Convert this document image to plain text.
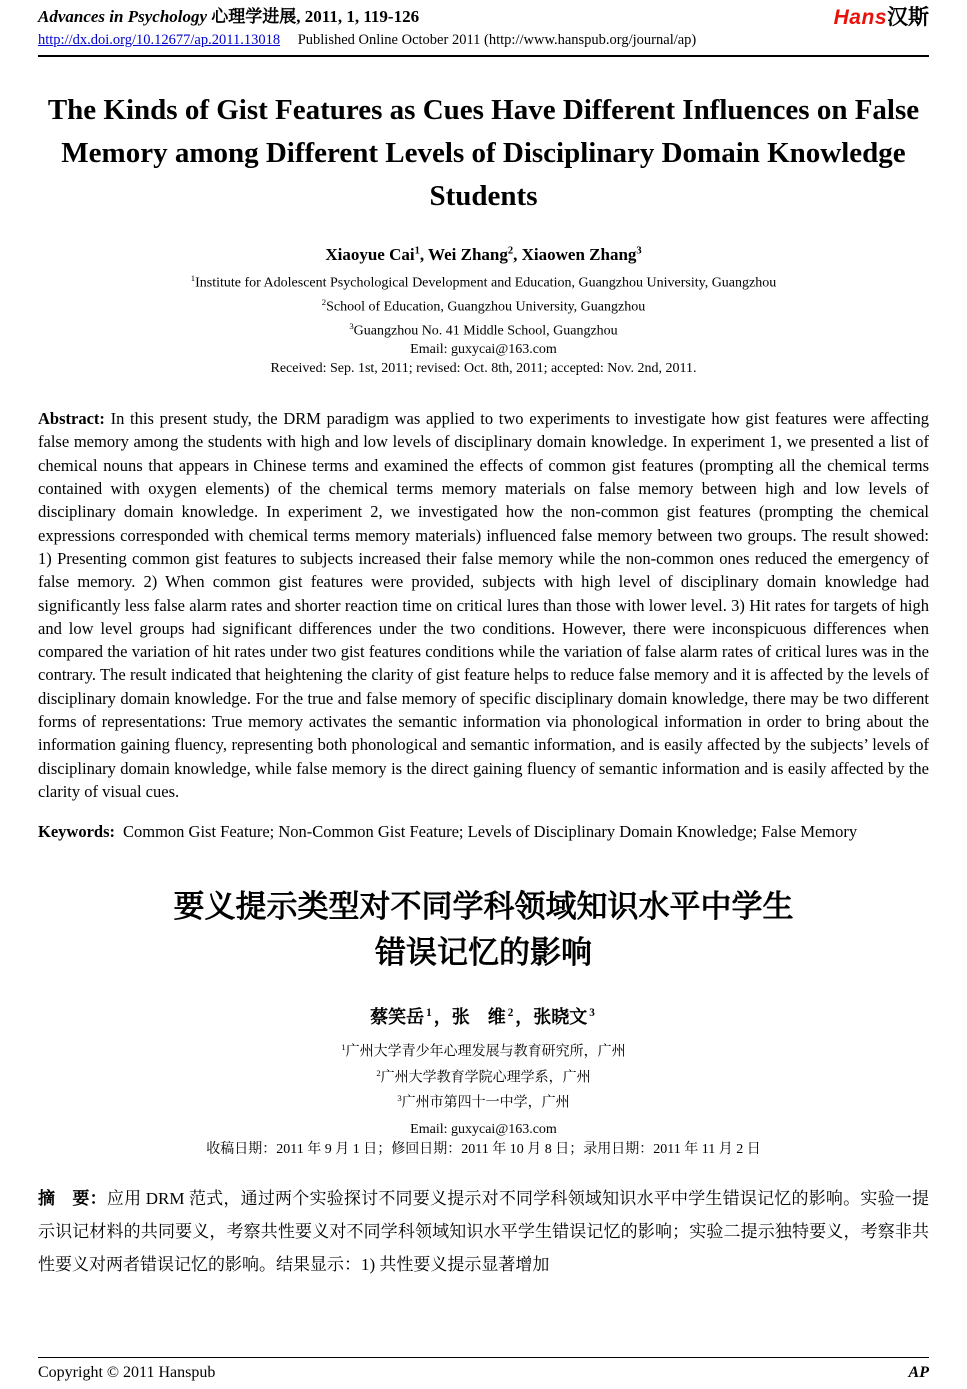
Advances in Psychology 心理学进展, 2011, 1, 119-126
http://dx.doi.org/10.12677/ap.2011.13018 Published Online October 2011 (http://www.hanspub.org/journal/ap)
Hans汉斯
The Kinds of Gist Features as Cues Have Different Influences on False Memory among Different Levels of Disciplinary Domain Knowledge Students
Xiaoyue Cai$^1$, Wei Zhang$^2$, Xiaowen Zhang$^3$
$^1$Institute for Adolescent Psychological Development and Education, Guangzhou University, Guangzhou
$^2$School of Education, Guangzhou University, Guangzhou
$^3$Guangzhou No. 41 Middle School, Guangzhou
Email: guxycai@163.com
Received: Sep. 1st, 2011; revised: Oct. 8th, 2011; accepted: Nov. 2nd, 2011.

Abstract: In this present study, the DRM paradigm was applied to two experiments to investigate how gist features were affecting false memory among the students with high and low levels of disciplinary domain knowledge. In experiment 1, we presented a list of chemical nouns that appears in Chinese terms and examined the effects of common gist features (prompting all the chemical terms contained with oxygen elements) of the chemical terms memory materials on false memory between high and low levels of disciplinary domain knowledge. In experiment 2, we investigated how the non-common gist features (prompting the chemical expressions corresponded with chemical terms memory materials) influenced false memory between two groups. The result showed: 1) Presenting common gist features to subjects increased their false memory while the non-common ones reduced the emergency of false memory. 2) When common gist features were provided, subjects with high level of disciplinary domain knowledge had significantly less false alarm rates and shorter reaction time on critical lures than those with lower level. 3) Hit rates for targets of high and low level groups had significant differences under the two conditions. However, there were inconspicuous differences when compared the variation of hit rates under two gist features conditions while the variation of false alarm rates of critical lures was in the contrary. The result indicated that heightening the clarity of gist feature helps to reduce false memory and it is affected by the levels of disciplinary domain knowledge. For the true and false memory of specific disciplinary domain knowledge, there may be two different forms of representations: True memory activates the semantic information via phonological information in order to bring about the information gaining fluency, representing both phonological and semantic information, and is easily affected by the subjects’ levels of disciplinary domain knowledge, while false memory is the direct gaining fluency of semantic information and is easily affected by the clarity of visual cues.

Keywords: Common Gist Feature; Non-Common Gist Feature; Levels of Disciplinary Domain Knowledge; False Memory
要义提示类型对不同学科领域知识水平中学生
错误记忆的影响
蔡笑岳 $^1$ ，张　维 $^2$ ，张晓文 $^3$
$^1$广州大学青少年心理发展与教育研究所，广州
$^2$广州大学教育学院心理学系，广州
$^3$广州市第四十一中学，广州
Email: guxycai@163.com
收稿日期：2011 年 9 月 1 日；修回日期：2011 年 10 月 8 日；录用日期：2011 年 11 月 2 日

摘　要：应用 DRM 范式，通过两个实验探讨不同要义提示对不同学科领域知识水平中学生错误记忆的影响。实验一提示识记材料的共同要义，考察共性要义对不同学科领域知识水平学生错误记忆的影响；实验二提示独特要义，考察非共性要义对两者错误记忆的影响。结果显示：1) 共性要义提示显著增加

Copyright © 2011 Hanspub	AP
